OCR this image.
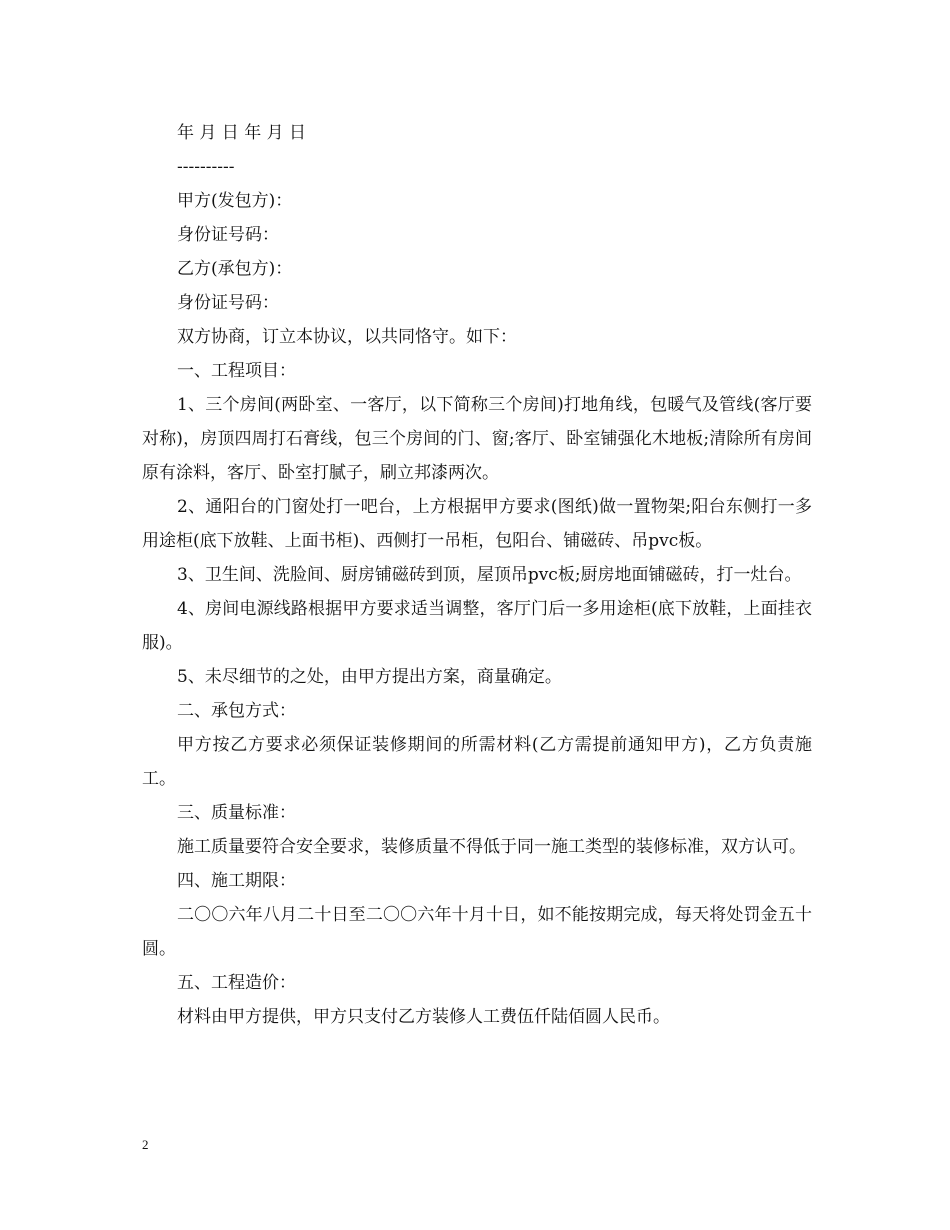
年 月 日 年 月 日

----------

甲方(发包方)：

身份证号码：

乙方(承包方)：

身份证号码：

双方协商，订立本协议，以共同恪守。如下：

一、工程项目：

1、三个房间(两卧室、一客厅，以下简称三个房间)打地角线，包暖气及管线(客厅要对称)，房顶四周打石膏线，包三个房间的门、窗;客厅、卧室铺强化木地板;清除所有房间原有涂料，客厅、卧室打腻子，刷立邦漆两次。

2、通阳台的门窗处打一吧台，上方根据甲方要求(图纸)做一置物架;阳台东侧打一多用途柜(底下放鞋、上面书柜)、西侧打一吊柜，包阳台、铺磁砖、吊pvc板。

3、卫生间、洗脸间、厨房铺磁砖到顶，屋顶吊pvc板;厨房地面铺磁砖，打一灶台。

4、房间电源线路根据甲方要求适当调整，客厅门后一多用途柜(底下放鞋，上面挂衣服)。

5、未尽细节的之处，由甲方提出方案，商量确定。

二、承包方式：

甲方按乙方要求必须保证装修期间的所需材料(乙方需提前通知甲方)，乙方负责施工。

三、质量标准：

施工质量要符合安全要求，装修质量不得低于同一施工类型的装修标准，双方认可。

四、施工期限：

二〇〇六年八月二十日至二〇〇六年十月十日，如不能按期完成，每天将处罚金五十圆。

五、工程造价：

材料由甲方提供，甲方只支付乙方装修人工费伍仟陆佰圆人民币。

2
